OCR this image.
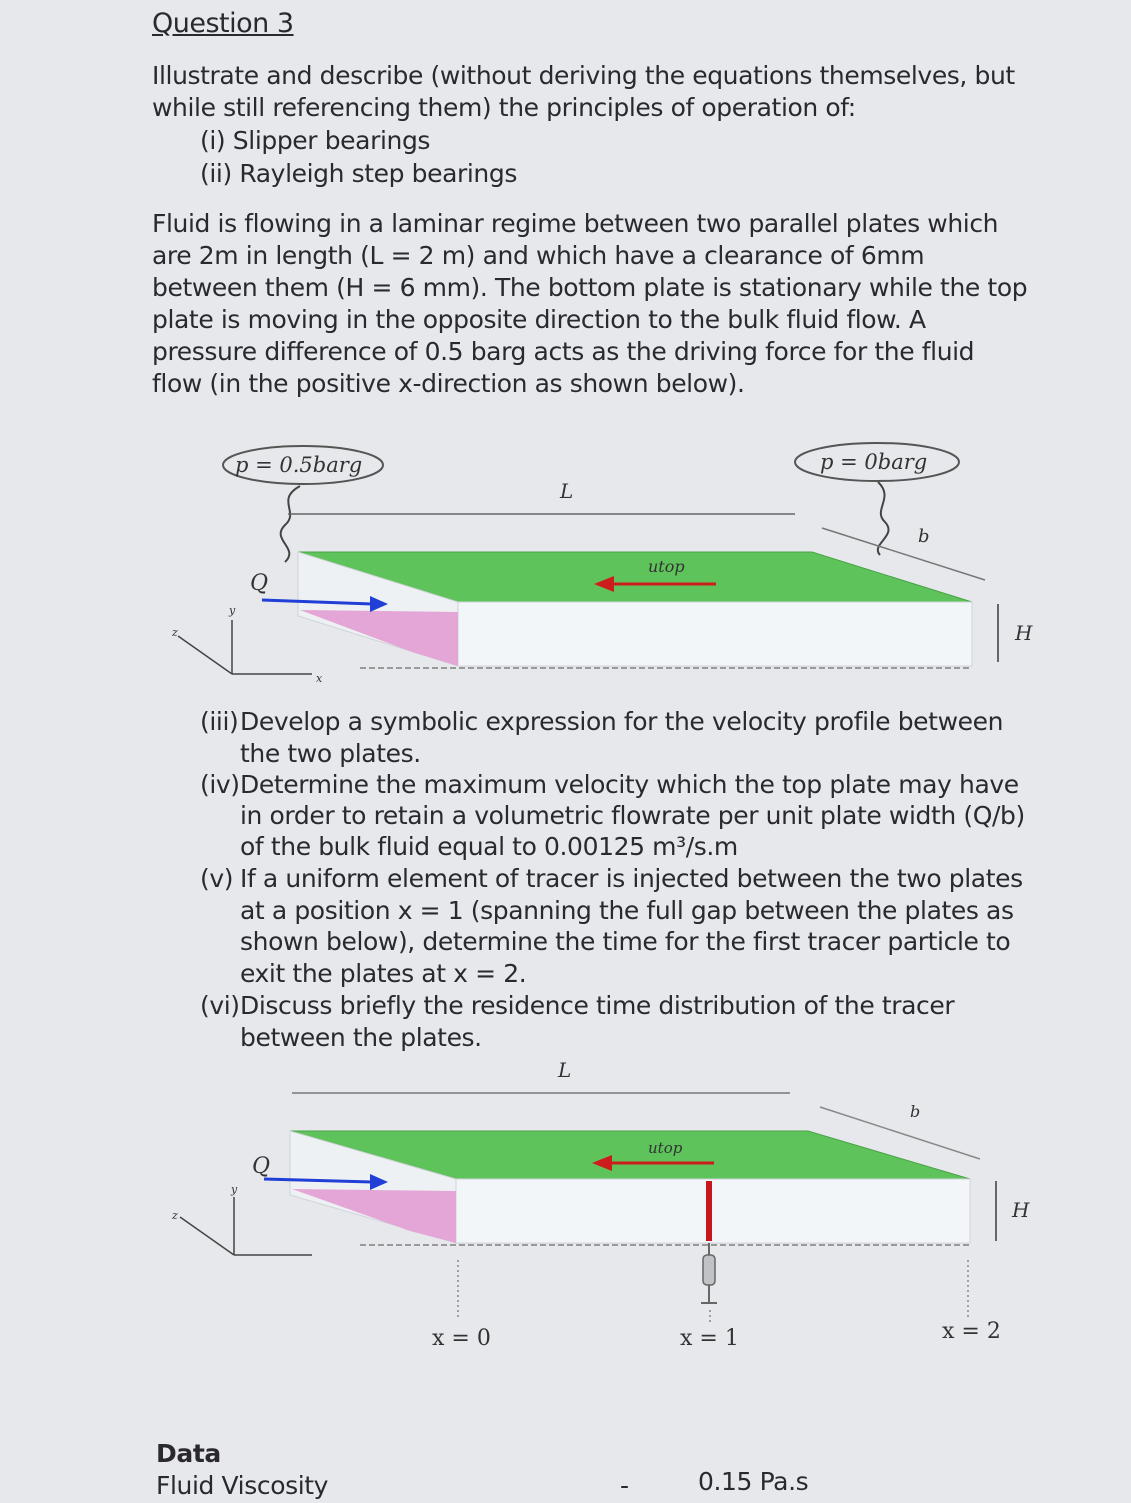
Question 3
Illustrate and describe (without deriving the equations themselves, but
while still referencing them) the principles of operation of:
(i) Slipper bearings
(ii) Rayleigh step bearings
Fluid is flowing in a laminar regime between two parallel plates which
are 2m in length (L = 2 m) and which have a clearance of 6mm
between them (H = 6 mm). The bottom plate is stationary while the top
plate is moving in the opposite direction to the bulk fluid flow. A
pressure difference of 0.5 barg acts as the driving force for the fluid
flow (in the positive x-direction as shown below).
p = 0.5barg	p = 0barg
L
b
Q
utop
H
y
z
x
(iii) Develop a symbolic expression for the velocity profile between
the two plates.
(iv) Determine the maximum velocity which the top plate may have
in order to retain a volumetric flowrate per unit plate width (Q/b)
of the bulk fluid equal to 0.00125 m³/s.m
(v) If a uniform element of tracer is injected between the two plates
at a position x = 1 (spanning the full gap between the plates as
shown below), determine the time for the first tracer particle to
exit the plates at x = 2.
(vi) Discuss briefly the residence time distribution of the tracer
between the plates.
L
b
Q
utop
H
y
z
x = 0	x = 1	x = 2
Data
Fluid Viscosity	-	0.15 Pa.s
